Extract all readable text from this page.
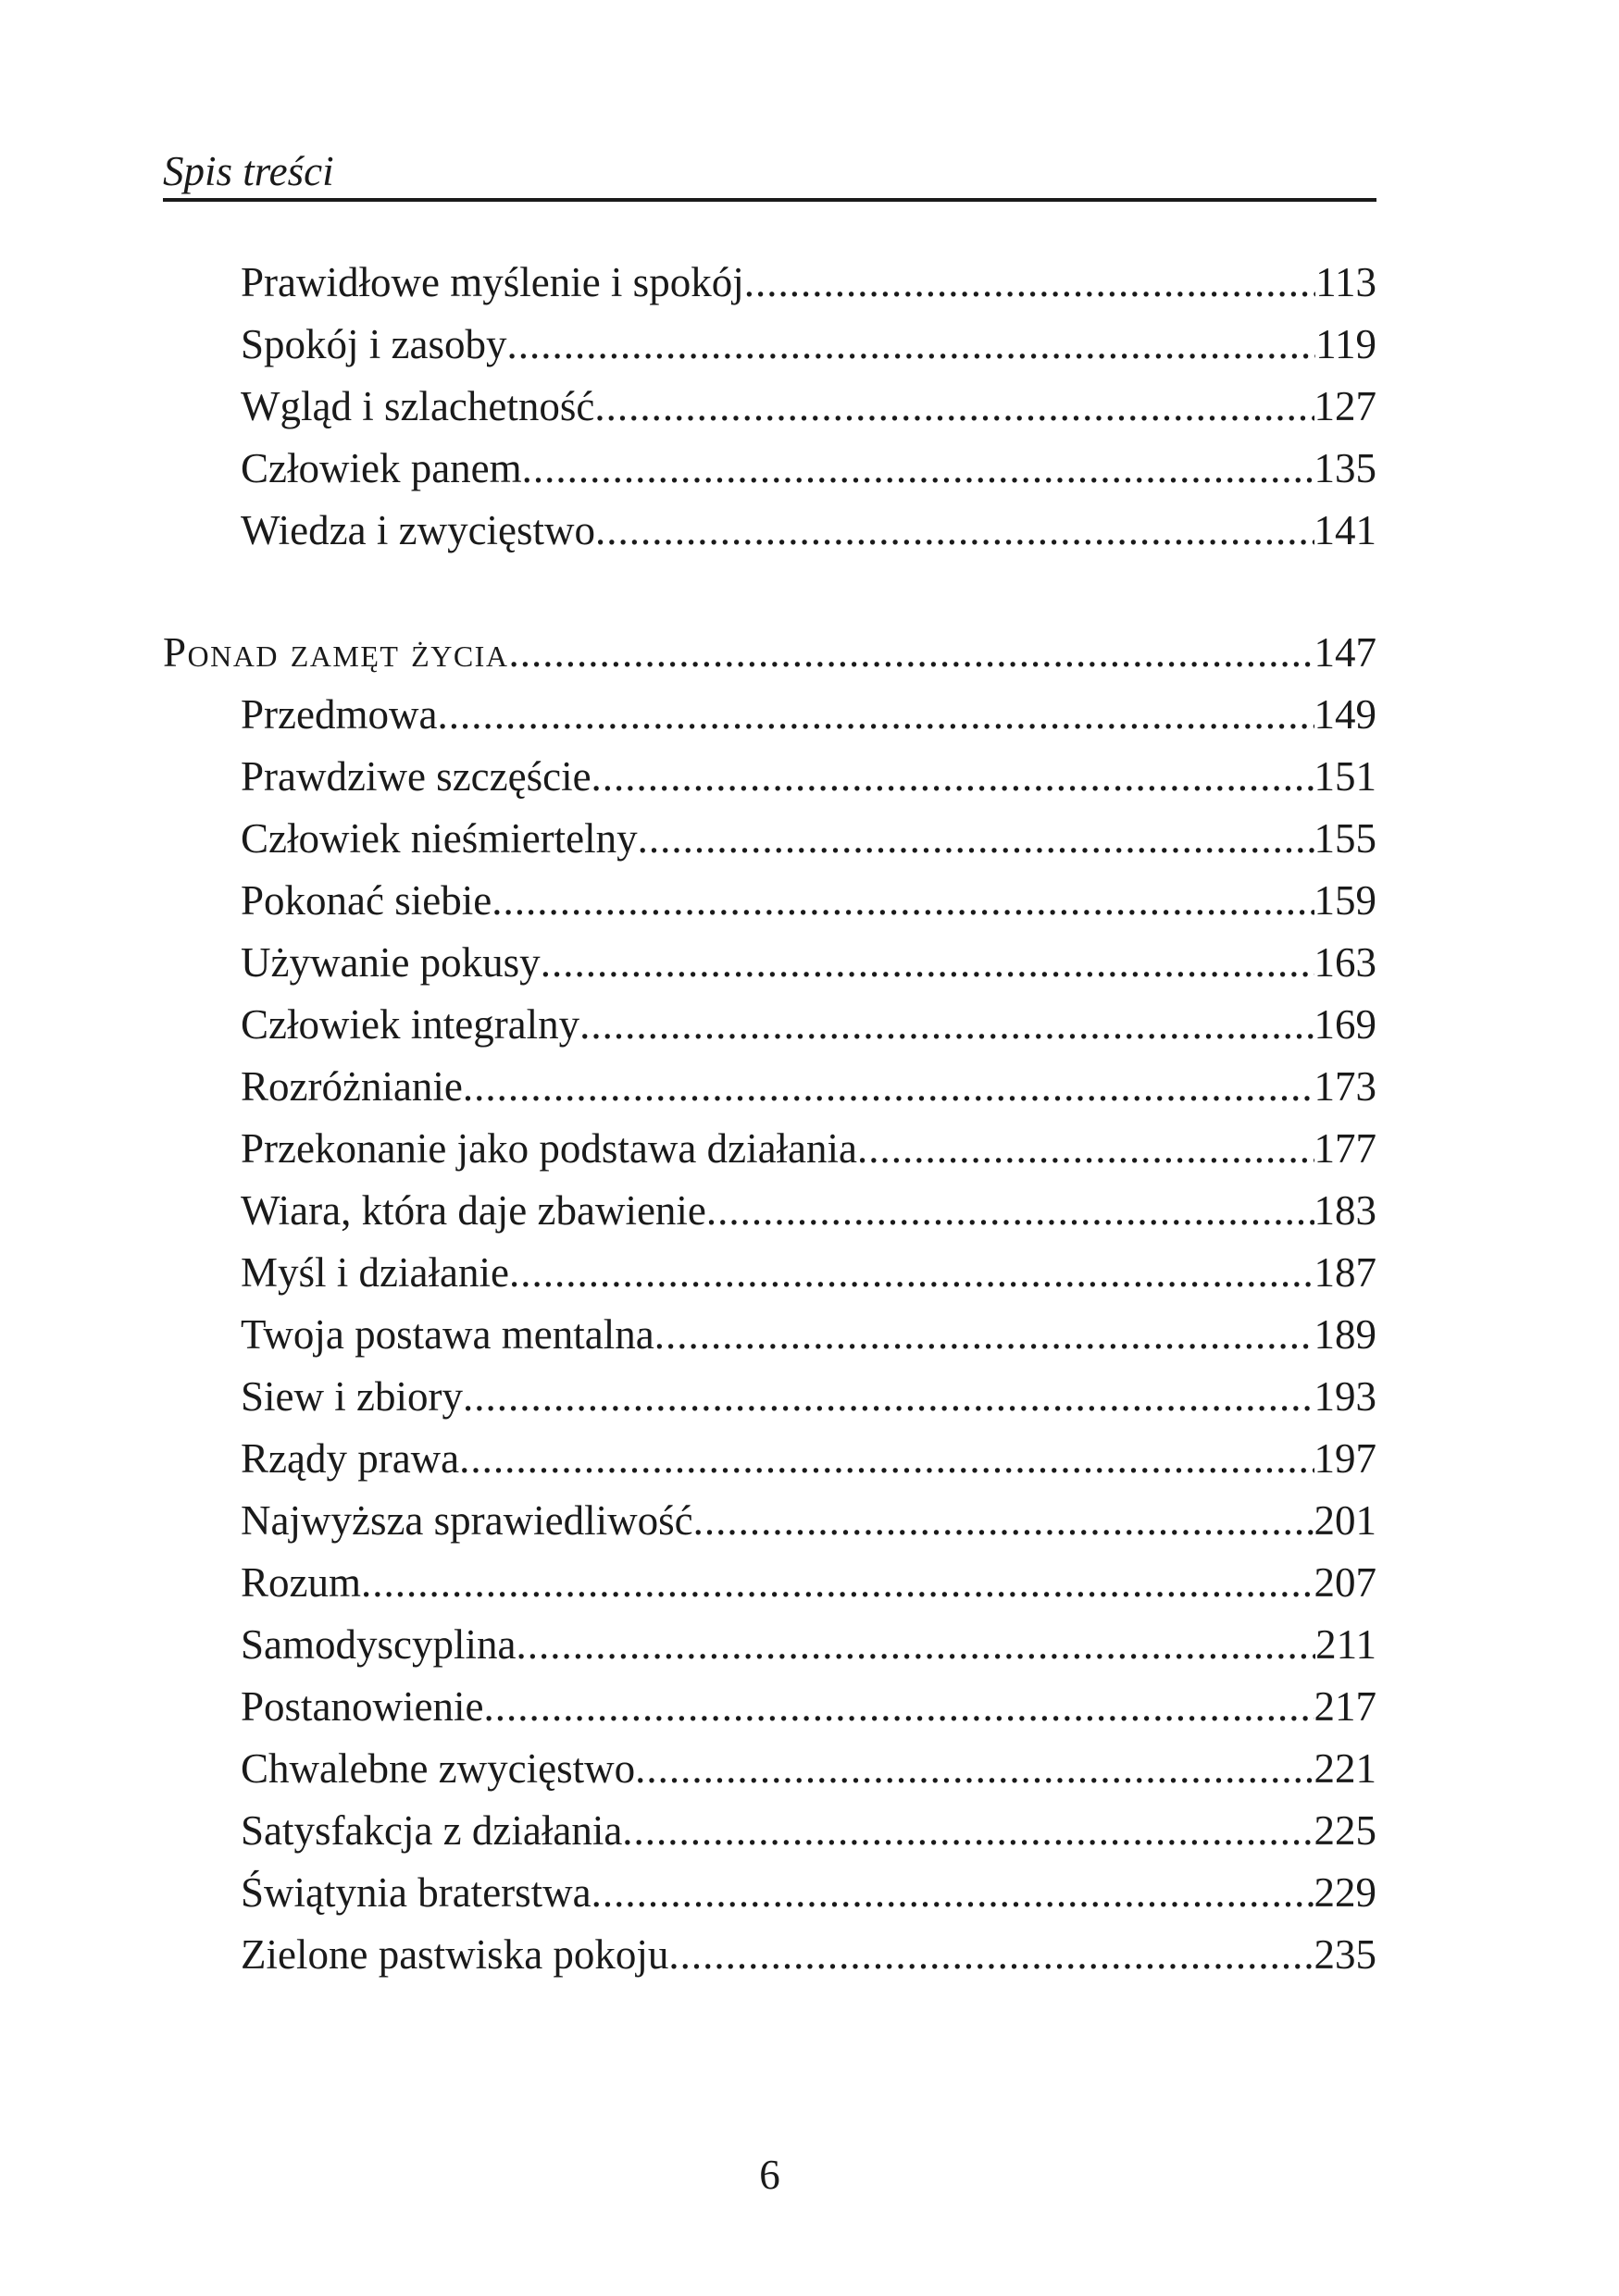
Spis treści
Prawidłowe myślenie i spokój .....	113
Spokój i zasoby .....	119
Wgląd i szlachetność .....	127
Człowiek panem .....	135
Wiedza i zwycięstwo .....	141
Ponad zamęt życia .....	147
Przedmowa .....	149
Prawdziwe szczęście .....	151
Człowiek nieśmiertelny .....	155
Pokonać siebie .....	159
Używanie pokusy .....	163
Człowiek integralny .....	169
Rozróżnianie .....	173
Przekonanie jako podstawa działania .....	177
Wiara, która daje zbawienie .....	183
Myśl i działanie .....	187
Twoja postawa mentalna .....	189
Siew i zbiory .....	193
Rządy prawa .....	197
Najwyższa sprawiedliwość .....	201
Rozum .....	207
Samodyscyplina .....	211
Postanowienie .....	217
Chwalebne zwycięstwo .....	221
Satysfakcja z działania .....	225
Świątynia braterstwa .....	229
Zielone pastwiska pokoju .....	235
6
